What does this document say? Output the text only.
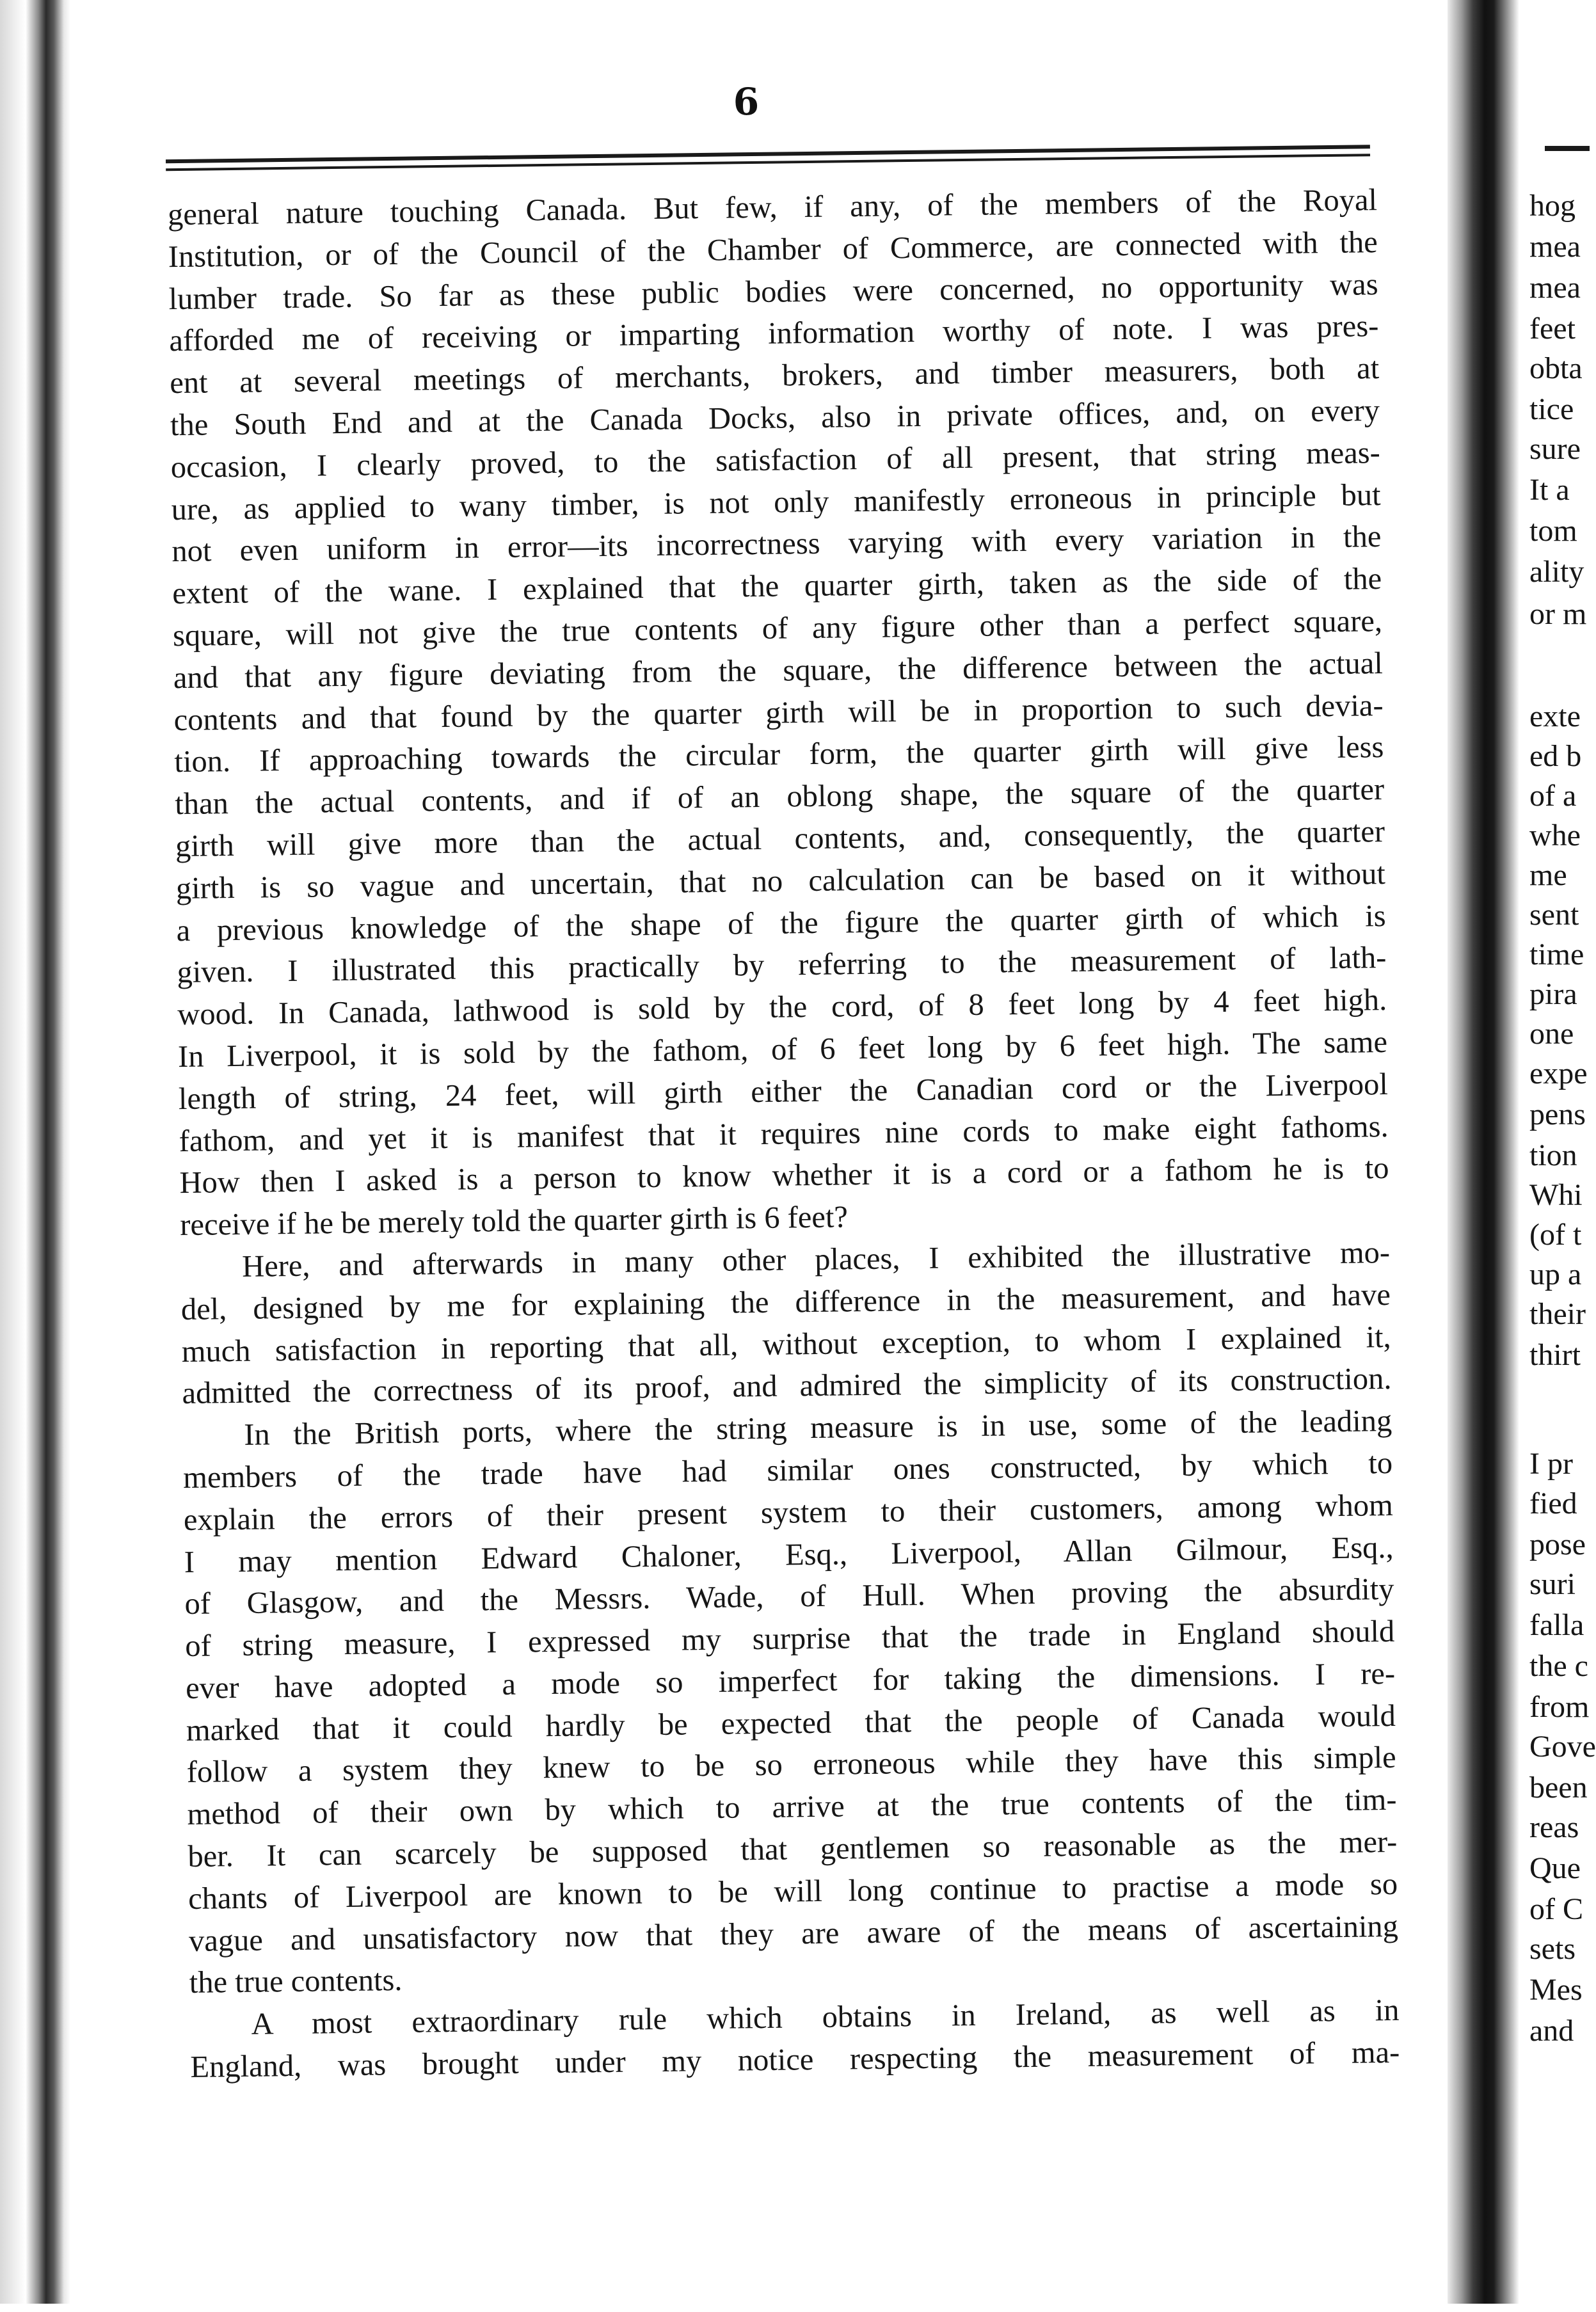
6
general nature touching Canada. But few, if any, of the members of the Royal
Institution, or of the Council of the Chamber of Commerce, are connected with the
lumber trade. So far as these public bodies were concerned, no opportunity was
afforded me of receiving or imparting information worthy of note. I was pres-
ent at several meetings of merchants, brokers, and timber measurers, both at
the South End and at the Canada Docks, also in private offices, and, on every
occasion, I clearly proved, to the satisfaction of all present, that string meas-
ure, as applied to wany timber, is not only manifestly erroneous in principle but
not even uniform in error—its incorrectness varying with every variation in the
extent of the wane. I explained that the quarter girth, taken as the side of the
square, will not give the true contents of any figure other than a perfect square,
and that any figure deviating from the square, the difference between the actual
contents and that found by the quarter girth will be in proportion to such devia-
tion. If approaching towards the circular form, the quarter girth will give less
than the actual contents, and if of an oblong shape, the square of the quarter
girth will give more than the actual contents, and, consequently, the quarter
girth is so vague and uncertain, that no calculation can be based on it without
a previous knowledge of the shape of the figure the quarter girth of which is
given. I illustrated this practically by referring to the measurement of lath-
wood. In Canada, lathwood is sold by the cord, of 8 feet long by 4 feet high.
In Liverpool, it is sold by the fathom, of 6 feet long by 6 feet high. The same
length of string, 24 feet, will girth either the Canadian cord or the Liverpool
fathom, and yet it is manifest that it requires nine cords to make eight fathoms.
How then I asked is a person to know whether it is a cord or a fathom he is to
receive if he be merely told the quarter girth is 6 feet?
Here, and afterwards in many other places, I exhibited the illustrative mo-
del, designed by me for explaining the difference in the measurement, and have
much satisfaction in reporting that all, without exception, to whom I explained it,
admitted the correctness of its proof, and admired the simplicity of its construction.
In the British ports, where the string measure is in use, some of the leading
members of the trade have had similar ones constructed, by which to
explain the errors of their present system to their customers, among whom
I may mention Edward Chaloner, Esq., Liverpool, Allan Gilmour, Esq.,
of Glasgow, and the Messrs. Wade, of Hull. When proving the absurdity
of string measure, I expressed my surprise that the trade in England should
ever have adopted a mode so imperfect for taking the dimensions. I re-
marked that it could hardly be expected that the people of Canada would
follow a system they knew to be so erroneous while they have this simple
method of their own by which to arrive at the true contents of the tim-
ber. It can scarcely be supposed that gentlemen so reasonable as the mer-
chants of Liverpool are known to be will long continue to practise a mode so
vague and unsatisfactory now that they are aware of the means of ascertaining
the true contents.
A most extraordinary rule which obtains in Ireland, as well as in
England, was brought under my notice respecting the measurement of ma-
hog
mea
mea
feet
obta
tice
sure
It a
tom
ality
or m
exte
ed b
of a
whe
me
sent
time
pira
one
expe
pens
tion
Whi
(of t
up a
their
thirt
I pr
fied
pose
suri
falla
the c
from
Gove
been
reas
Que
of C
sets
Mes
and
